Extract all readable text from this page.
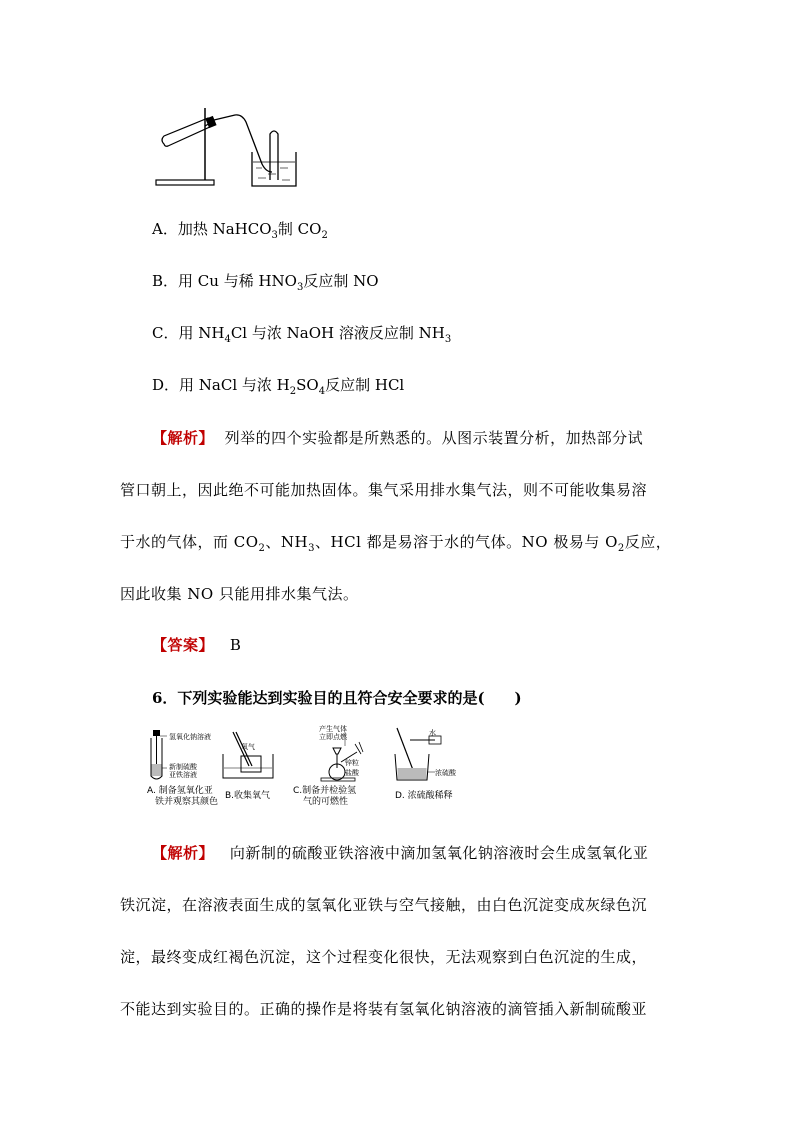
A．加热 NaHCO$_3$制 $CO_2$
B．用 Cu 与稀 $HNO_3$反应制 NO
C．用 $NH_4Cl$ 与浓 NaOH 溶液反应制 $NH_3$
D．用 NaCl 与浓 $H_2SO_4$反应制 HCl
【解析】 列举的四个实验都是所熟悉的。从图示装置分析，加热部分试
管口朝上，因此绝不可能加热固体。集气采用排水集气法，则不可能收集易溶
于水的气体，而 $CO_2$、$NH_3$、HCl 都是易溶于水的气体。NO 极易与 $O_2$反应，
因此收集 NO 只能用排水集气法。
【答案】 B
6．下列实验能达到实验目的且符合安全要求的是(　　)
氢氧化钠溶液
新制硫酸
亚铁溶液
氧气
产生气体
立即点燃
锌粒
盐酸
水
浓硫酸
A. 制备氢氧化亚
铁并观察其颜色
B.收集氧气	C.制备并检验氢
气的可燃性
D. 浓硫酸稀释
【解析】 向新制的硫酸亚铁溶液中滴加氢氧化钠溶液时会生成氢氧化亚
铁沉淀，在溶液表面生成的氢氧化亚铁与空气接触，由白色沉淀变成灰绿色沉
淀，最终变成红褐色沉淀，这个过程变化很快，无法观察到白色沉淀的生成，
不能达到实验目的。正确的操作是将装有氢氧化钠溶液的滴管插入新制硫酸亚
